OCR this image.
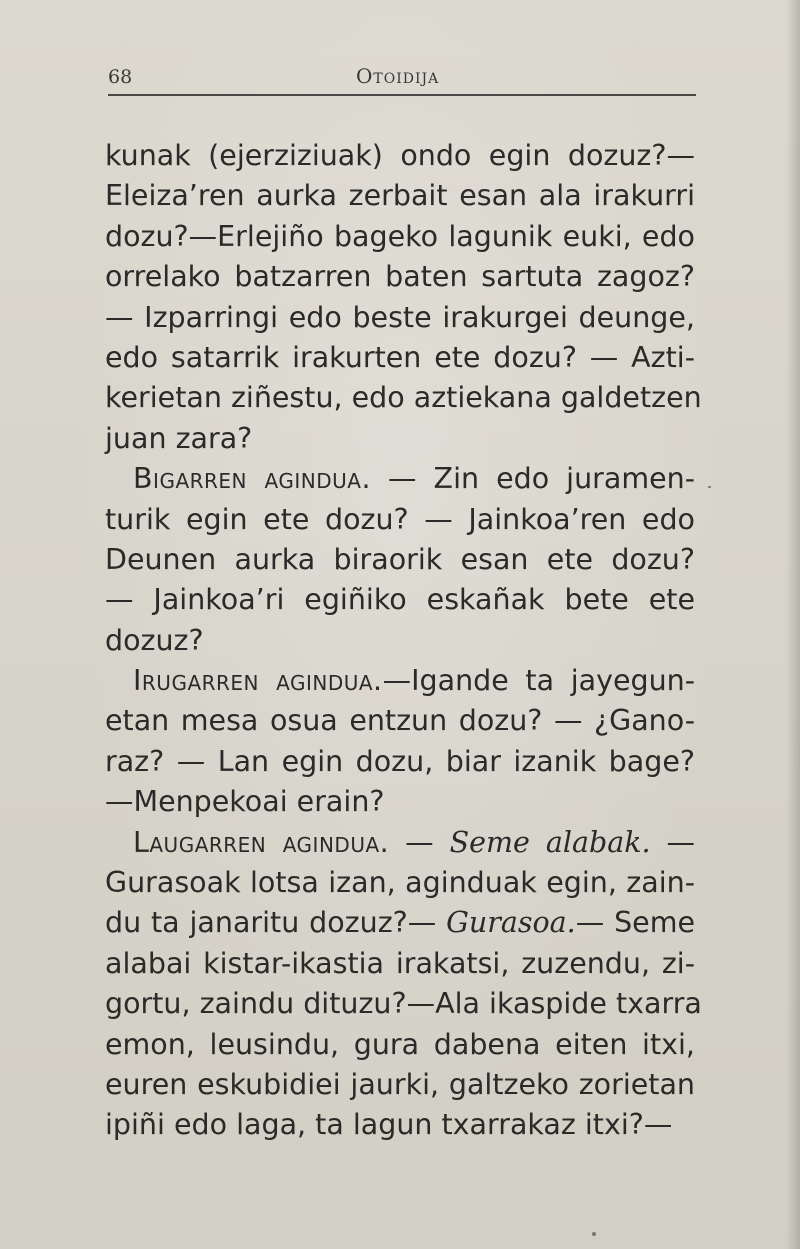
68	Otoidija
kunak (ejerziziuak) ondo egin dozuz?—
Eleiza’ren aurka zerbait esan ala irakurri
dozu?—Erlejiño bageko lagunik euki, edo
orrelako batzarren baten sartuta zagoz?
— Izparringi edo beste irakurgei deunge,
edo satarrik irakurten ete dozu? — Azti-
kerietan ziñestu, edo aztiekana galdetzen
juan zara?
Bigarren agindua. — Zin edo juramen-
turik egin ete dozu? — Jainkoa’ren edo
Deunen aurka biraorik esan ete dozu?
— Jainkoa’ri egiñiko eskañak bete ete
dozuz?
Irugarren agindua.—Igande ta jayegun-
etan mesa osua entzun dozu? — ¿Gano-
raz? — Lan egin dozu, biar izanik bage?
—Menpekoai erain?
Laugarren agindua. — Seme alabak. —
Gurasoak lotsa izan, aginduak egin, zain-
du ta janaritu dozuz?— Gurasoa.— Seme
alabai kistar-ikastia irakatsi, zuzendu, zi-
gortu, zaindu dituzu?—Ala ikaspide txarra
emon, leusindu, gura dabena eiten itxi,
euren eskubidiei jaurki, galtzeko zorietan
ipiñi edo laga, ta lagun txarrakaz itxi?—
